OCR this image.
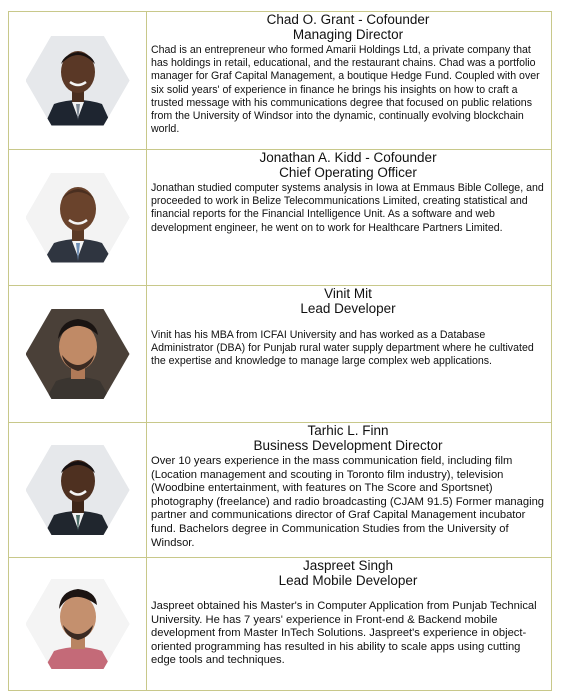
Chad O. Grant - Cofounder

Managing Director

Chad is an entrepreneur who formed Amarii Holdings Ltd, a private company that has holdings in retail, educational, and the restaurant chains. Chad was a portfolio manager for Graf Capital Management, a boutique Hedge Fund. Coupled with over six solid years' of experience in finance he brings his insights on how to craft a trusted message with his communications degree that focused on public relations from the University of Windsor into the dynamic, continually evolving blockchain world.

Jonathan A. Kidd - Cofounder

Chief Operating Officer

Jonathan studied computer systems analysis in Iowa at Emmaus Bible College, and proceeded to work in Belize Telecommunications Limited, creating statistical and financial reports for the Financial Intelligence Unit. As a software and web development engineer, he went on to work for Healthcare Partners Limited.

Vinit Mit

Lead Developer

Vinit has his MBA from ICFAI University and has worked as a Database Administrator (DBA) for Punjab rural water supply department where he cultivated the expertise and knowledge to manage large complex web applications.

Tarhic L. Finn

Business Development Director

Over 10 years experience in the mass communication field, including film (Location management and scouting in Toronto film industry), television (Woodbine entertainment, with features on The Score and Sportsnet) photography (freelance) and radio broadcasting (CJAM 91.5) Former managing partner and communications director of Graf Capital Management incubator fund. Bachelors degree in Communication Studies from the University of Windsor.

Jaspreet Singh

Lead Mobile Developer

Jaspreet obtained his Master's in Computer Application from Punjab Technical University. He has 7 years' experience in Front-end & Backend mobile development from Master InTech Solutions. Jaspreet's experience in object-oriented programming has resulted in his ability to scale apps using cutting edge tools and techniques.
